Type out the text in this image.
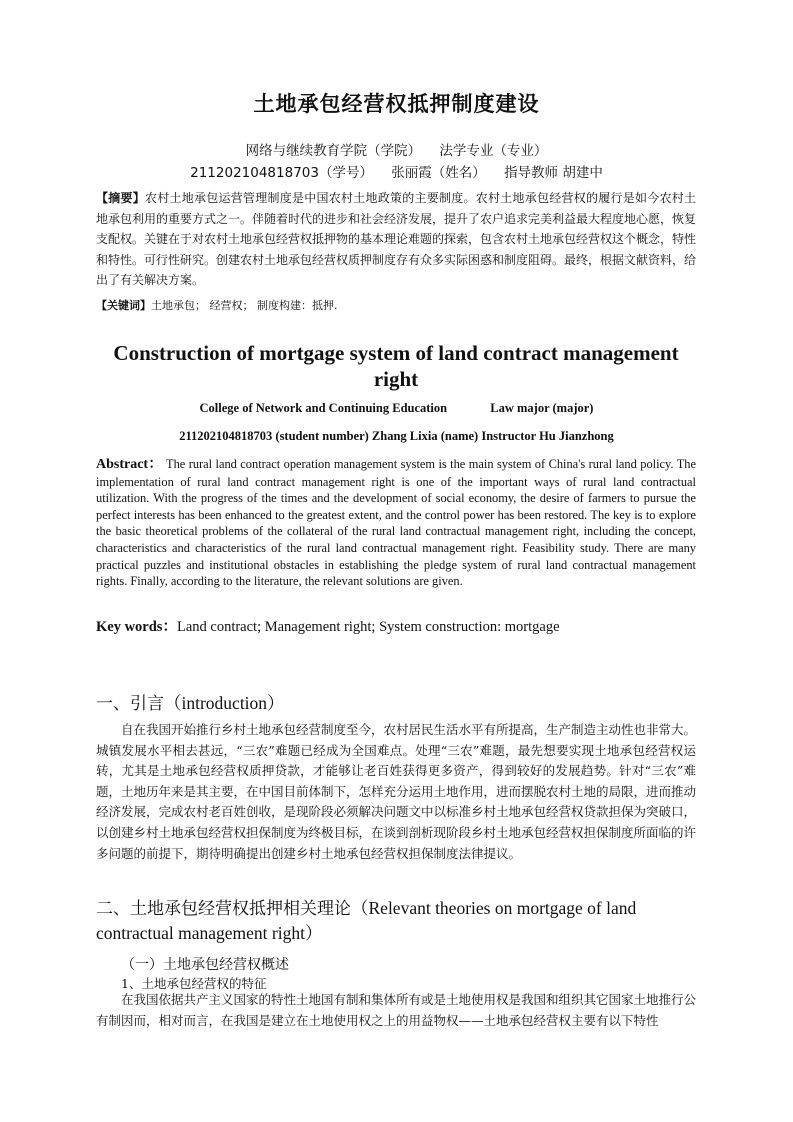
土地承包经营权抵押制度建设
网络与继续教育学院（学院） 法学专业（专业）
211202104818703（学号） 张丽霞（姓名） 指导教师 胡建中
【摘要】农村土地承包运营管理制度是中国农村土地政策的主要制度。农村土地承包经营权的履行是如今农村土地承包利用的重要方式之一。伴随着时代的进步和社会经济发展，提升了农户追求完美利益最大程度地心愿，恢复支配权。关键在于对农村土地承包经营权抵押物的基本理论难题的探索，包含农村土地承包经营权这个概念，特性和特性。可行性研究。创建农村土地承包经营权质押制度存有众多实际困惑和制度阻碍。最终，根据文献资料，给出了有关解决方案。
【关键词】土地承包； 经营权； 制度构建：抵押.
Construction of mortgage system of land contract management right
College of Network and Continuing Education	Law major (major)
211202104818703 (student number) Zhang Lixia (name) Instructor Hu Jianzhong
Abstract： The rural land contract operation management system is the main system of China's rural land policy. The implementation of rural land contract management right is one of the important ways of rural land contractual utilization. With the progress of the times and the development of social economy, the desire of farmers to pursue the perfect interests has been enhanced to the greatest extent, and the control power has been restored. The key is to explore the basic theoretical problems of the collateral of the rural land contractual management right, including the concept, characteristics and characteristics of the rural land contractual management right. Feasibility study. There are many practical puzzles and institutional obstacles in establishing the pledge system of rural land contractual management rights. Finally, according to the literature, the relevant solutions are given.
Key words：Land contract; Management right; System construction: mortgage
一、引言（introduction）
自在我国开始推行乡村土地承包经营制度至今，农村居民生活水平有所提高，生产制造主动性也非常大。城镇发展水平相去甚远，“三农”难题已经成为全国难点。处理“三农”难题，最先想要实现土地承包经营权运转，尤其是土地承包经营权质押贷款，才能够让老百姓获得更多资产，得到较好的发展趋势。针对“三农”难题，土地历年来是其主要，在中国目前体制下，怎样充分运用土地作用，进而摆脱农村土地的局限，进而推动经济发展，完成农村老百姓创收，是现阶段必须解决问题文中以标准乡村土地承包经营权贷款担保为突破口，以创建乡村土地承包经营权担保制度为终极目标，在谈到剖析现阶段乡村土地承包经营权担保制度所面临的许多问题的前提下，期待明确提出创建乡村土地承包经营权担保制度法律提议。
二、土地承包经营权抵押相关理论（Relevant theories on mortgage of land contractual management right）
（一）土地承包经营权概述
1、土地承包经营权的特征
在我国依据共产主义国家的特性土地国有制和集体所有或是土地使用权是我国和组织其它国家土地推行公有制因而，相对而言，在我国是建立在土地使用权之上的用益物权——土地承包经营权主要有以下特性
